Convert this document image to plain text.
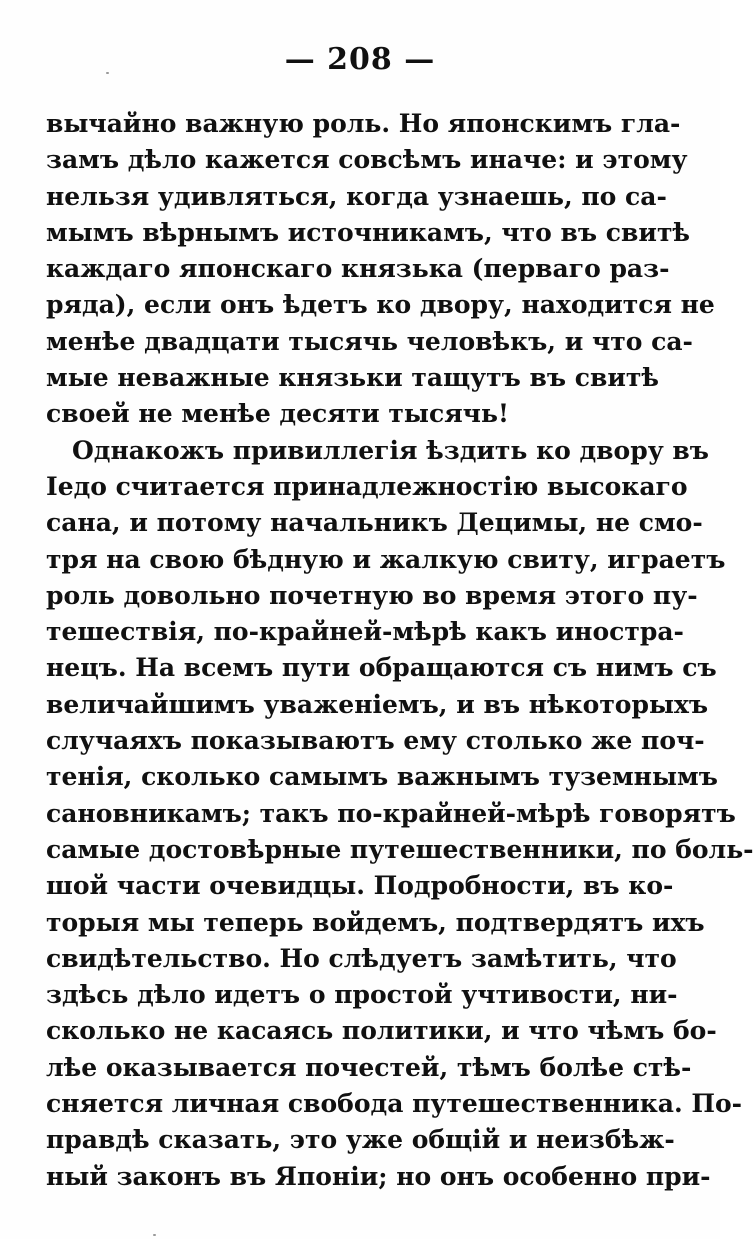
— 208 —
вычайно важную роль. Но японскимъ гла-
замъ дѣло кажется совсѣмъ иначе: и этому
нельзя удивляться, когда узнаешь, по са-
мымъ вѣрнымъ источникамъ, что въ свитѣ
каждаго японскаго князька (перваго раз-
ряда), если онъ ѣдетъ ко двору, находится не
менѣе двадцати тысячь человѣкъ, и что са-
мые неважные князьки тащутъ въ свитѣ
своей не менѣе десяти тысячь!
Однакожъ привиллегія ѣздить ко двору въ
Іедо считается принадлежностію высокаго
сана, и потому начальникъ Децимы, не смо-
тря на свою бѣдную и жалкую свиту, играетъ
роль довольно почетную во время этого пу-
тешествія, по-крайней-мѣрѣ какъ иностра-
нецъ. На всемъ пути обращаются съ нимъ съ
величайшимъ уваженіемъ, и въ нѣкоторыхъ
случаяхъ показываютъ ему столько же поч-
тенія, сколько самымъ важнымъ туземнымъ
сановникамъ; такъ по-крайней-мѣрѣ говорятъ
самые достовѣрные путешественники, по боль-
шой части очевидцы. Подробности, въ ко-
торыя мы теперь войдемъ, подтвердятъ ихъ
свидѣтельство. Но слѣдуетъ замѣтить, что
здѣсь дѣло идетъ о простой учтивости, ни-
сколько не касаясь политики, и что чѣмъ бо-
лѣе оказывается почестей, тѣмъ болѣе стѣ-
сняется личная свобода путешественника. По-
правдѣ сказать, это уже общій и неизбѣж-
ный законъ въ Японіи; но онъ особенно при-
